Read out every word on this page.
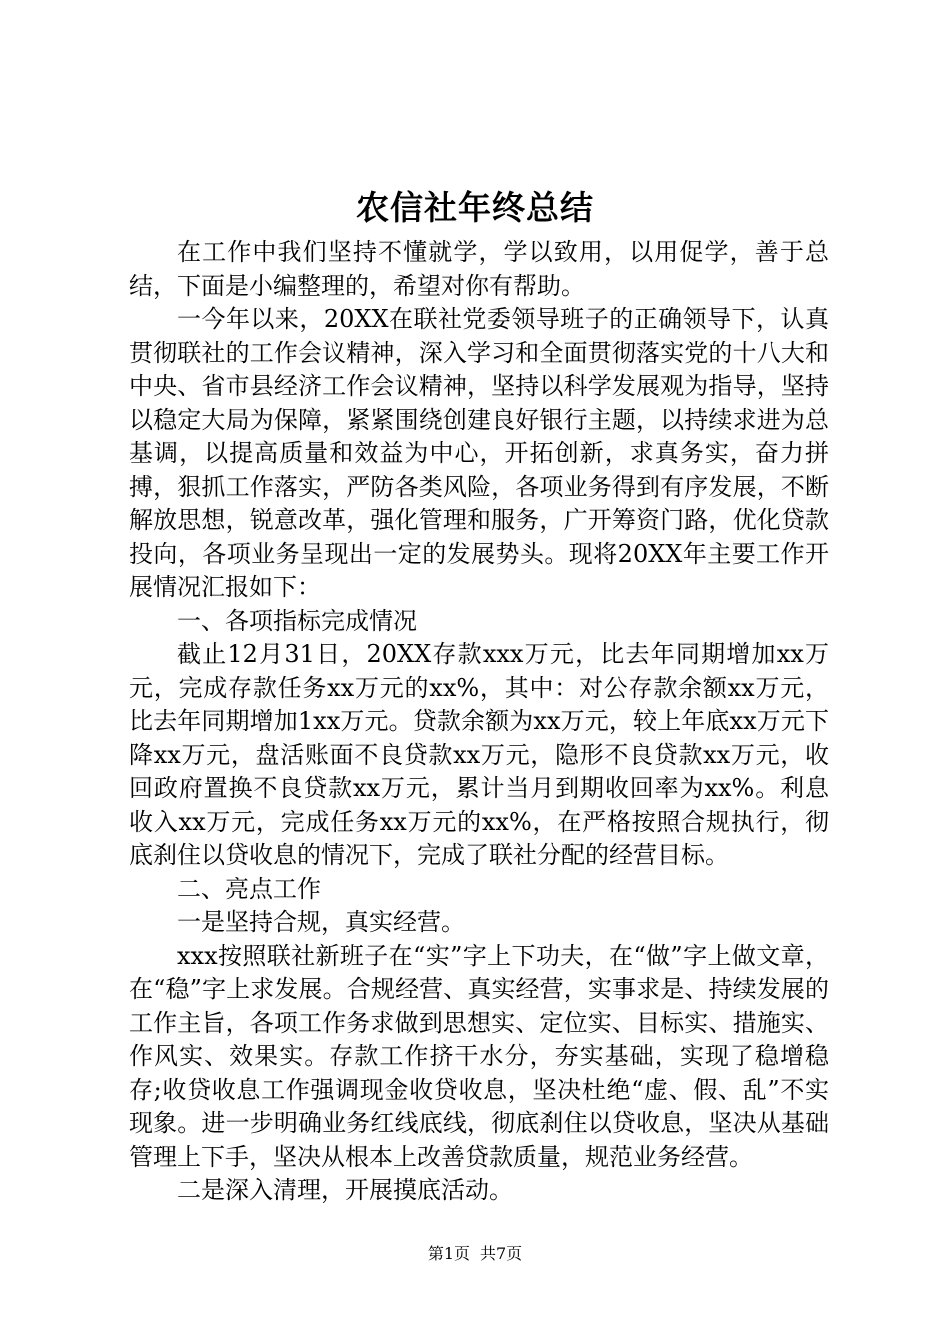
农信社年终总结

在工作中我们坚持不懂就学，学以致用，以用促学，善于总结，下面是小编整理的，希望对你有帮助。

一今年以来，20XX在联社党委领导班子的正确领导下，认真贯彻联社的工作会议精神，深入学习和全面贯彻落实党的十八大和中央、省市县经济工作会议精神，坚持以科学发展观为指导，坚持以稳定大局为保障，紧紧围绕创建良好银行主题，以持续求进为总基调，以提高质量和效益为中心，开拓创新，求真务实，奋力拼搏，狠抓工作落实，严防各类风险，各项业务得到有序发展，不断解放思想，锐意改革，强化管理和服务，广开筹资门路，优化贷款投向，各项业务呈现出一定的发展势头。现将20XX年主要工作开展情况汇报如下：

一、各项指标完成情况

截止12月31日，20XX存款xxx万元，比去年同期增加xx万元，完成存款任务xx万元的xx%，其中：对公存款余额xx万元，比去年同期增加1xx万元。贷款余额为xx万元，较上年底xx万元下降xx万元，盘活账面不良贷款xx万元，隐形不良贷款xx万元，收回政府置换不良贷款xx万元，累计当月到期收回率为xx%。利息收入xx万元，完成任务xx万元的xx%，在严格按照合规执行，彻底刹住以贷收息的情况下，完成了联社分配的经营目标。

二、亮点工作

一是坚持合规，真实经营。

xxx按照联社新班子在“实”字上下功夫，在“做”字上做文章，在“稳”字上求发展。合规经营、真实经营，实事求是、持续发展的工作主旨，各项工作务求做到思想实、定位实、目标实、措施实、作风实、效果实。存款工作挤干水分，夯实基础，实现了稳增稳存;收贷收息工作强调现金收贷收息，坚决杜绝“虚、假、乱”不实现象。进一步明确业务红线底线，彻底刹住以贷收息，坚决从基础管理上下手，坚决从根本上改善贷款质量，规范业务经营。

二是深入清理，开展摸底活动。

第1页 共7页
